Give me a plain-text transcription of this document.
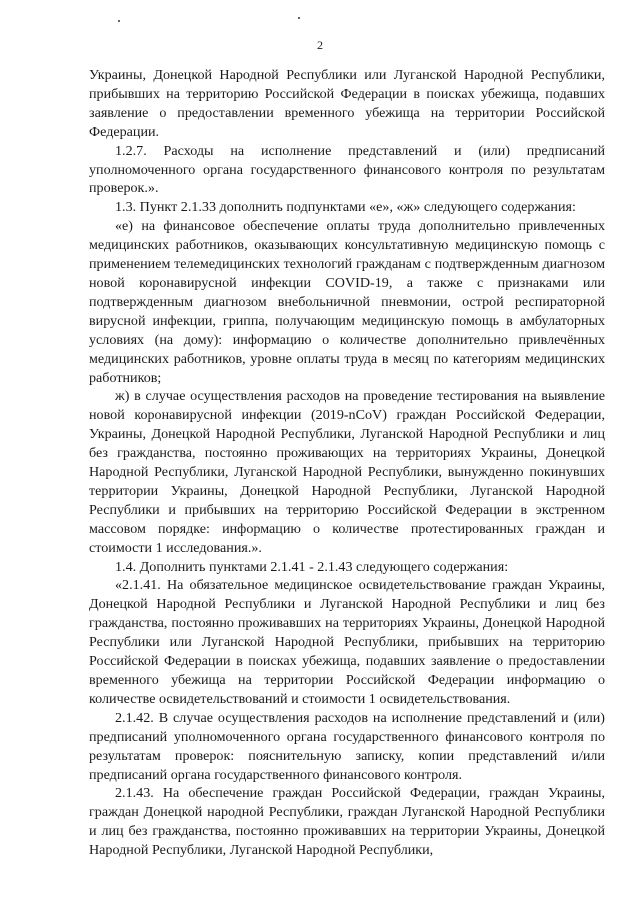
2

Украины, Донецкой Народной Республики или Луганской Народной Республики, прибывших на территорию Российской Федерации в поисках убежища, подавших заявление о предоставлении временного убежища на территории Российской Федерации.

1.2.7. Расходы на исполнение представлений и (или) предписаний уполномоченного органа государственного финансового контроля по результатам проверок.».

1.3. Пункт 2.1.33 дополнить подпунктами «е», «ж» следующего содержания:

«е) на финансовое обеспечение оплаты труда дополнительно привлеченных медицинских работников, оказывающих консультативную медицинскую помощь с применением телемедицинских технологий гражданам с подтвержденным диагнозом новой коронавирусной инфекции COVID-19, а также с признаками или подтвержденным диагнозом внебольничной пневмонии, острой респираторной вирусной инфекции, гриппа, получающим медицинскую помощь в амбулаторных условиях (на дому): информацию о количестве дополнительно привлечённых медицинских работников, уровне оплаты труда в месяц по категориям медицинских работников;

ж) в случае осуществления расходов на проведение тестирования на выявление новой коронавирусной инфекции (2019-nCoV) граждан Российской Федерации, Украины, Донецкой Народной Республики, Луганской Народной Республики и лиц без гражданства, постоянно проживающих на территориях Украины, Донецкой Народной Республики, Луганской Народной Республики, вынужденно покинувших территории Украины, Донецкой Народной Республики, Луганской Народной Республики и прибывших на территорию Российской Федерации в экстренном массовом порядке: информацию о количестве протестированных граждан и стоимости 1 исследования.».

1.4. Дополнить пунктами 2.1.41 - 2.1.43 следующего содержания:

«2.1.41. На обязательное медицинское освидетельствование граждан Украины, Донецкой Народной Республики и Луганской Народной Республики и лиц без гражданства, постоянно проживавших на территориях Украины, Донецкой Народной Республики или Луганской Народной Республики, прибывших на территорию Российской Федерации в поисках убежища, подавших заявление о предоставлении временного убежища на территории Российской Федерации информацию о количестве освидетельствований и стоимости 1 освидетельствования.

2.1.42. В случае осуществления расходов на исполнение представлений и (или) предписаний уполномоченного органа государственного финансового контроля по результатам проверок: пояснительную записку, копии представлений и/или предписаний органа государственного финансового контроля.

2.1.43. На обеспечение граждан Российской Федерации, граждан Украины, граждан Донецкой народной Республики, граждан Луганской Народной Республики и лиц без гражданства, постоянно проживавших на территории Украины, Донецкой Народной Республики, Луганской Народной Республики,
